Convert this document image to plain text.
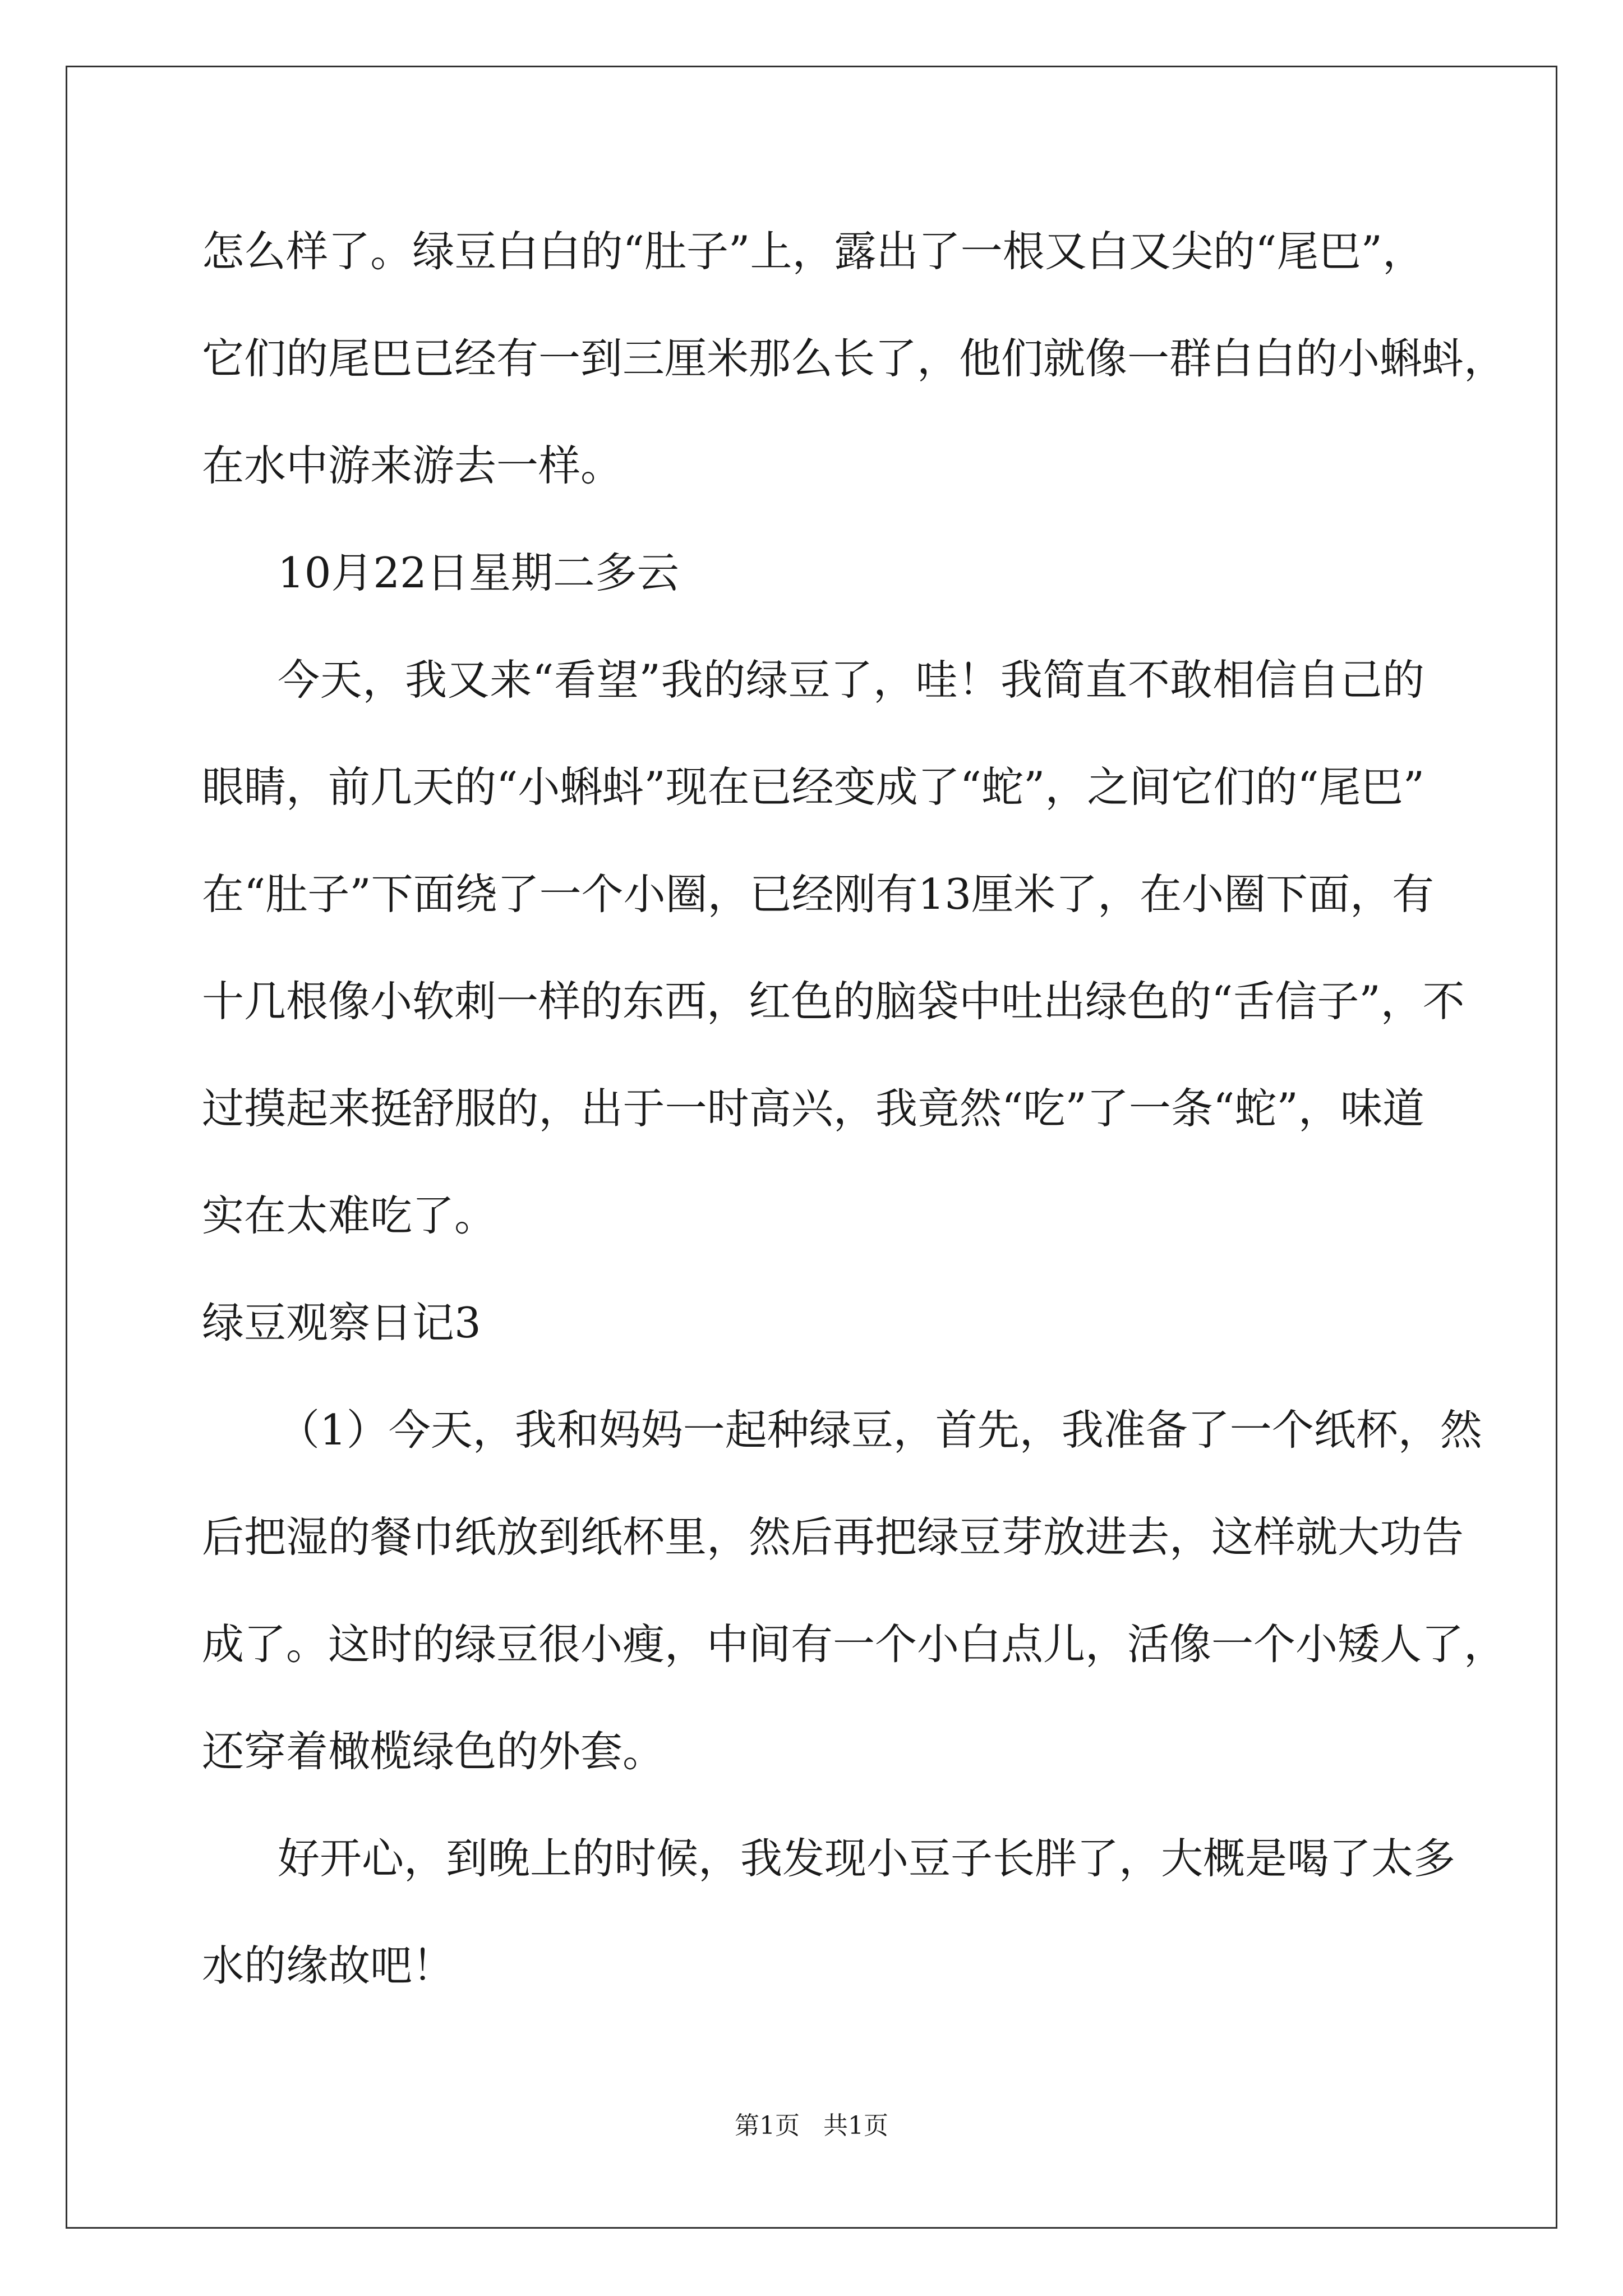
怎么样了。绿豆白白的“肚子”上，露出了一根又白又尖的“尾巴”，
它们的尾巴已经有一到三厘米那么长了，他们就像一群白白的小蝌蚪，
在水中游来游去一样。
10月22日星期二多云
今天，我又来“看望”我的绿豆了，哇！我简直不敢相信自己的
眼睛，前几天的“小蝌蚪”现在已经变成了“蛇”，之间它们的“尾巴”
在“肚子”下面绕了一个小圈，已经刚有13厘米了，在小圈下面，有
十几根像小软刺一样的东西，红色的脑袋中吐出绿色的“舌信子”，不
过摸起来挺舒服的，出于一时高兴，我竟然“吃”了一条“蛇”，味道
实在太难吃了。
绿豆观察日记3
（1）今天，我和妈妈一起种绿豆，首先，我准备了一个纸杯，然
后把湿的餐巾纸放到纸杯里，然后再把绿豆芽放进去，这样就大功告
成了。这时的绿豆很小瘦，中间有一个小白点儿，活像一个小矮人了，
还穿着橄榄绿色的外套。
好开心，到晚上的时候，我发现小豆子长胖了，大概是喝了太多
水的缘故吧！
第1页   共1页
